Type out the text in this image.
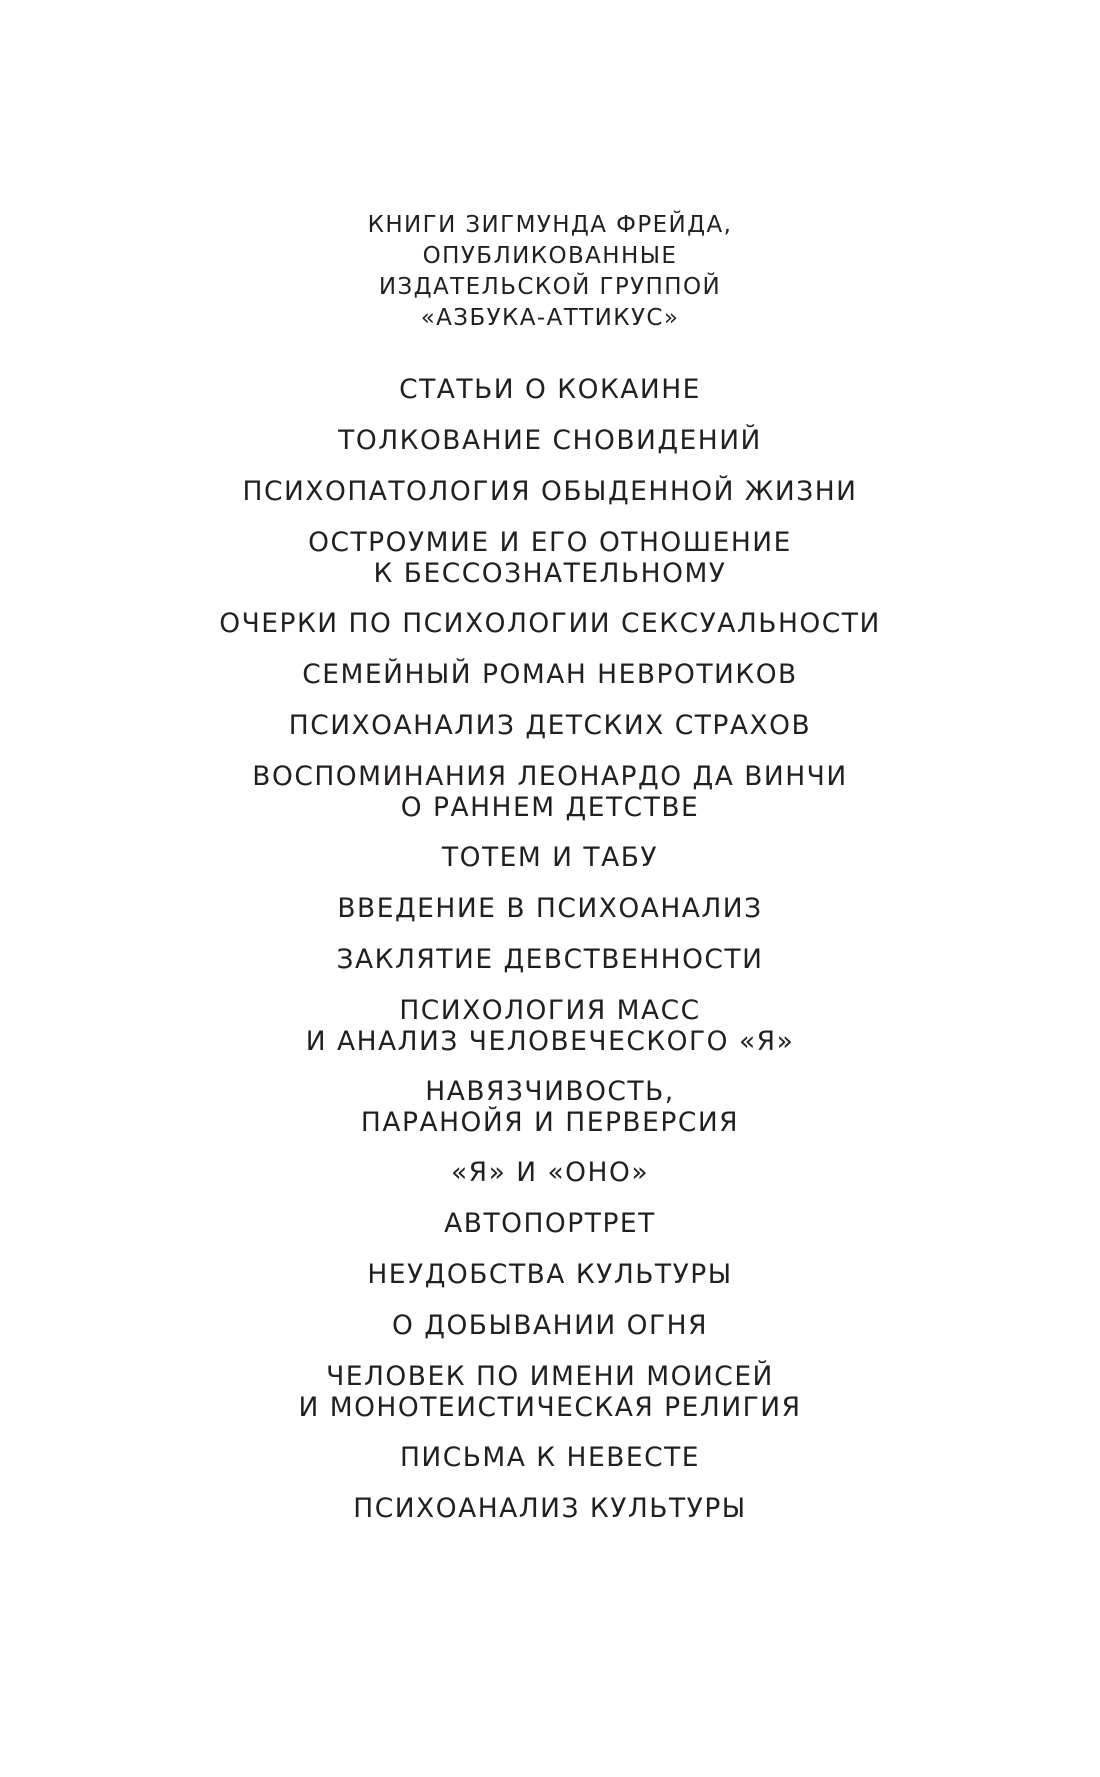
КНИГИ ЗИГМУНДА ФРЕЙДА,
ОПУБЛИКОВАННЫЕ
ИЗДАТЕЛЬСКОЙ ГРУППОЙ
«АЗБУКА-АТТИКУС»
СТАТЬИ О КОКАИНЕ
ТОЛКОВАНИЕ СНОВИДЕНИЙ
ПСИХОПАТОЛОГИЯ ОБЫДЕННОЙ ЖИЗНИ
ОСТРОУМИЕ И ЕГО ОТНОШЕНИЕ
К БЕССОЗНАТЕЛЬНОМУ
ОЧЕРКИ ПО ПСИХОЛОГИИ СЕКСУАЛЬНОСТИ
СЕМЕЙНЫЙ РОМАН НЕВРОТИКОВ
ПСИХОАНАЛИЗ ДЕТСКИХ СТРАХОВ
ВОСПОМИНАНИЯ ЛЕОНАРДО ДА ВИНЧИ
О РАННЕМ ДЕТСТВЕ
ТОТЕМ И ТАБУ
ВВЕДЕНИЕ В ПСИХОАНАЛИЗ
ЗАКЛЯТИЕ ДЕВСТВЕННОСТИ
ПСИХОЛОГИЯ МАСС
И АНАЛИЗ ЧЕЛОВЕЧЕСКОГО «Я»
НАВЯЗЧИВОСТЬ,
ПАРАНОЙЯ И ПЕРВЕРСИЯ
«Я» И «ОНО»
АВТОПОРТРЕТ
НЕУДОБСТВА КУЛЬТУРЫ
О ДОБЫВАНИИ ОГНЯ
ЧЕЛОВЕК ПО ИМЕНИ МОИСЕЙ
И МОНОТЕИСТИЧЕСКАЯ РЕЛИГИЯ
ПИСЬМА К НЕВЕСТЕ
ПСИХОАНАЛИЗ КУЛЬТУРЫ
